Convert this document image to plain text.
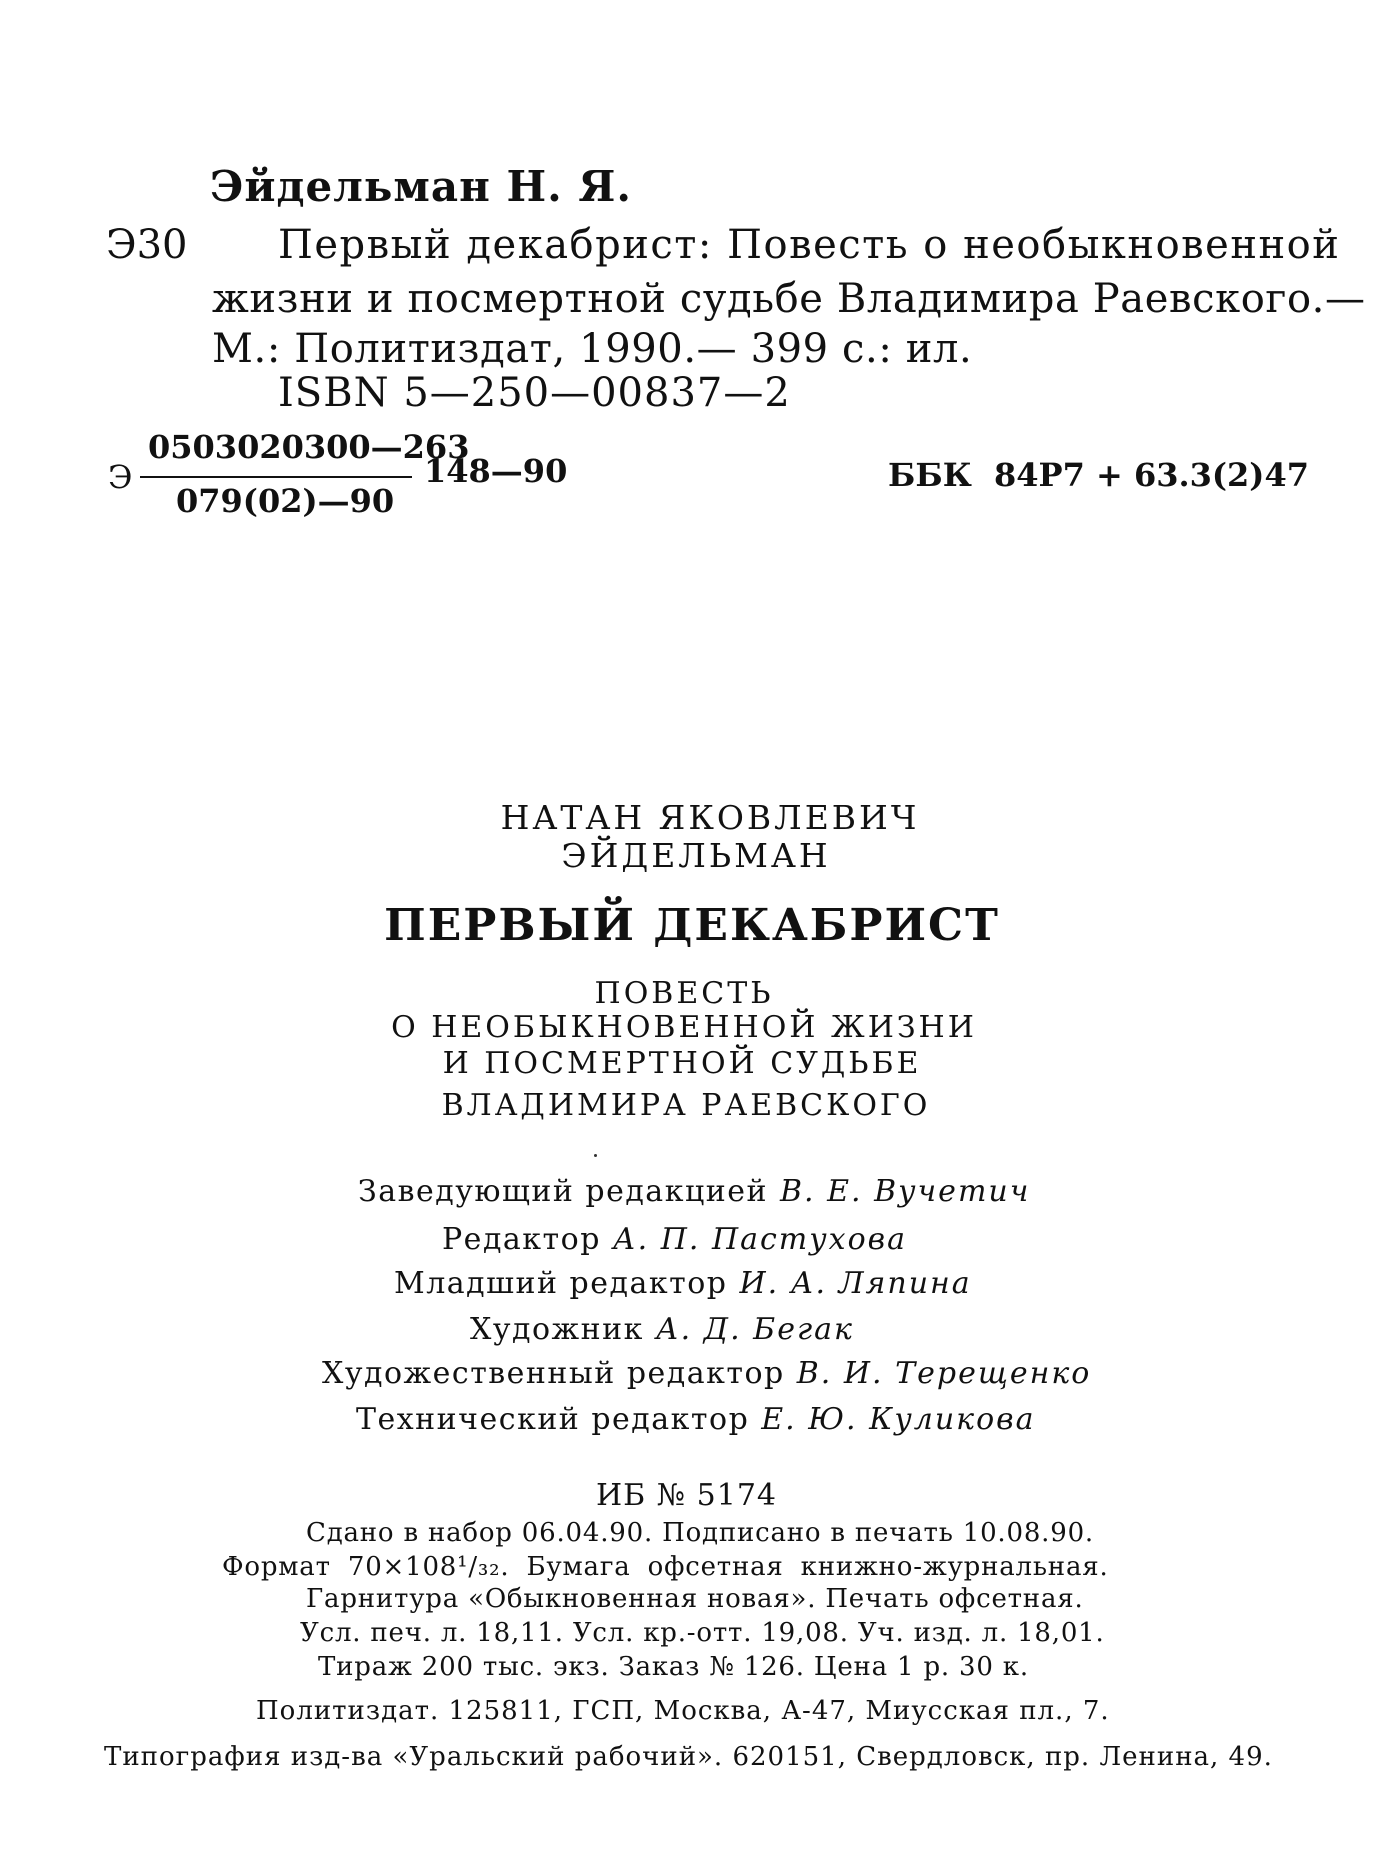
Эйдельман Н. Я.
Э30 Первый декабрист: Повесть о необыкновенной
жизни и посмертной судьбе Владимира Раевского.—
М.: Политиздат, 1990.— 399 с.: ил.
ISBN 5—250—00837—2
Э
0503020300—263
079(02)—90
148—90	ББК 84Р7 + 63.3(2)47
НАТАН ЯКОВЛЕВИЧ
ЭЙДЕЛЬМАН
ПЕРВЫЙ ДЕКАБРИСТ
ПОВЕСТЬ
О НЕОБЫКНОВЕННОЙ ЖИЗНИ
И ПОСМЕРТНОЙ СУДЬБЕ
ВЛАДИМИРА РАЕВСКОГО
Заведующий редакцией В. Е. Вучетич
Редактор А. П. Пастухова
Младший редактор И. А. Ляпина
Художник А. Д. Бегак
Художественный редактор В. И. Терещенко
Технический редактор Е. Ю. Куликова
ИБ № 5174
Сдано в набор 06.04.90. Подписано в печать 10.08.90.
Формат 70×108¹/₃₂. Бумага офсетная книжно-журнальная.
Гарнитура «Обыкновенная новая». Печать офсетная.
Усл. печ. л. 18,11. Усл. кр.-отт. 19,08. Уч. изд. л. 18,01.
Тираж 200 тыс. экз. Заказ № 126. Цена 1 р. 30 к.
Политиздат. 125811, ГСП, Москва, А-47, Миусская пл., 7.
Типография изд-ва «Уральский рабочий». 620151, Свердловск, пр. Ленина, 49.
